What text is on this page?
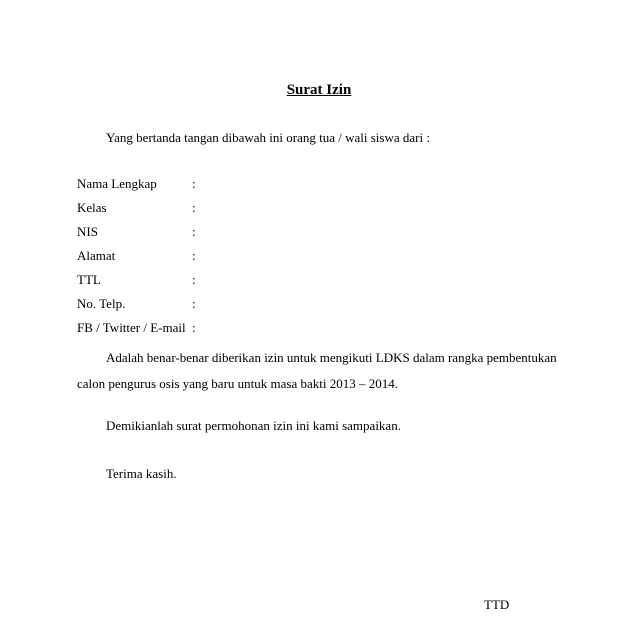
Surat Izin
Yang bertanda tangan dibawah ini orang tua / wali siswa dari :
Nama Lengkap	:
Kelas	:
NIS	:
Alamat	:
TTL	:
No. Telp.	:
FB / Twitter / E-mail :
Adalah benar-benar diberikan izin untuk mengikuti LDKS dalam rangka pembentukan
calon pengurus osis yang baru untuk masa bakti 2013 – 2014.
Demikianlah surat permohonan izin ini kami sampaikan.
Terima kasih.
TTD
